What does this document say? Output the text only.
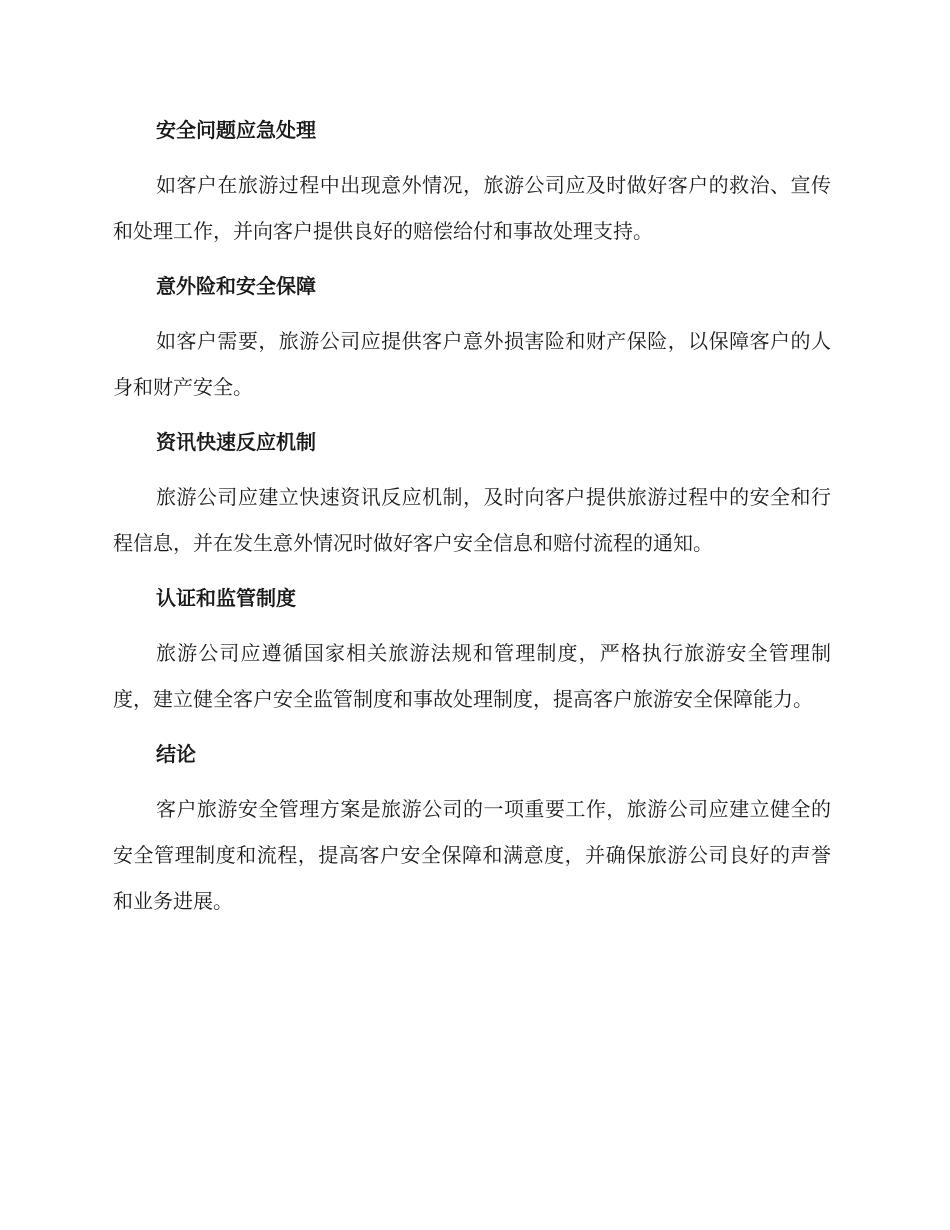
安全问题应急处理

如客户在旅游过程中出现意外情况，旅游公司应及时做好客户的救治、宣传和处理工作，并向客户提供良好的赔偿给付和事故处理支持。

意外险和安全保障

如客户需要，旅游公司应提供客户意外损害险和财产保险，以保障客户的人身和财产安全。

资讯快速反应机制

旅游公司应建立快速资讯反应机制，及时向客户提供旅游过程中的安全和行程信息，并在发生意外情况时做好客户安全信息和赔付流程的通知。

认证和监管制度

旅游公司应遵循国家相关旅游法规和管理制度，严格执行旅游安全管理制度，建立健全客户安全监管制度和事故处理制度，提高客户旅游安全保障能力。

结论

客户旅游安全管理方案是旅游公司的一项重要工作，旅游公司应建立健全的安全管理制度和流程，提高客户安全保障和满意度，并确保旅游公司良好的声誉和业务进展。
